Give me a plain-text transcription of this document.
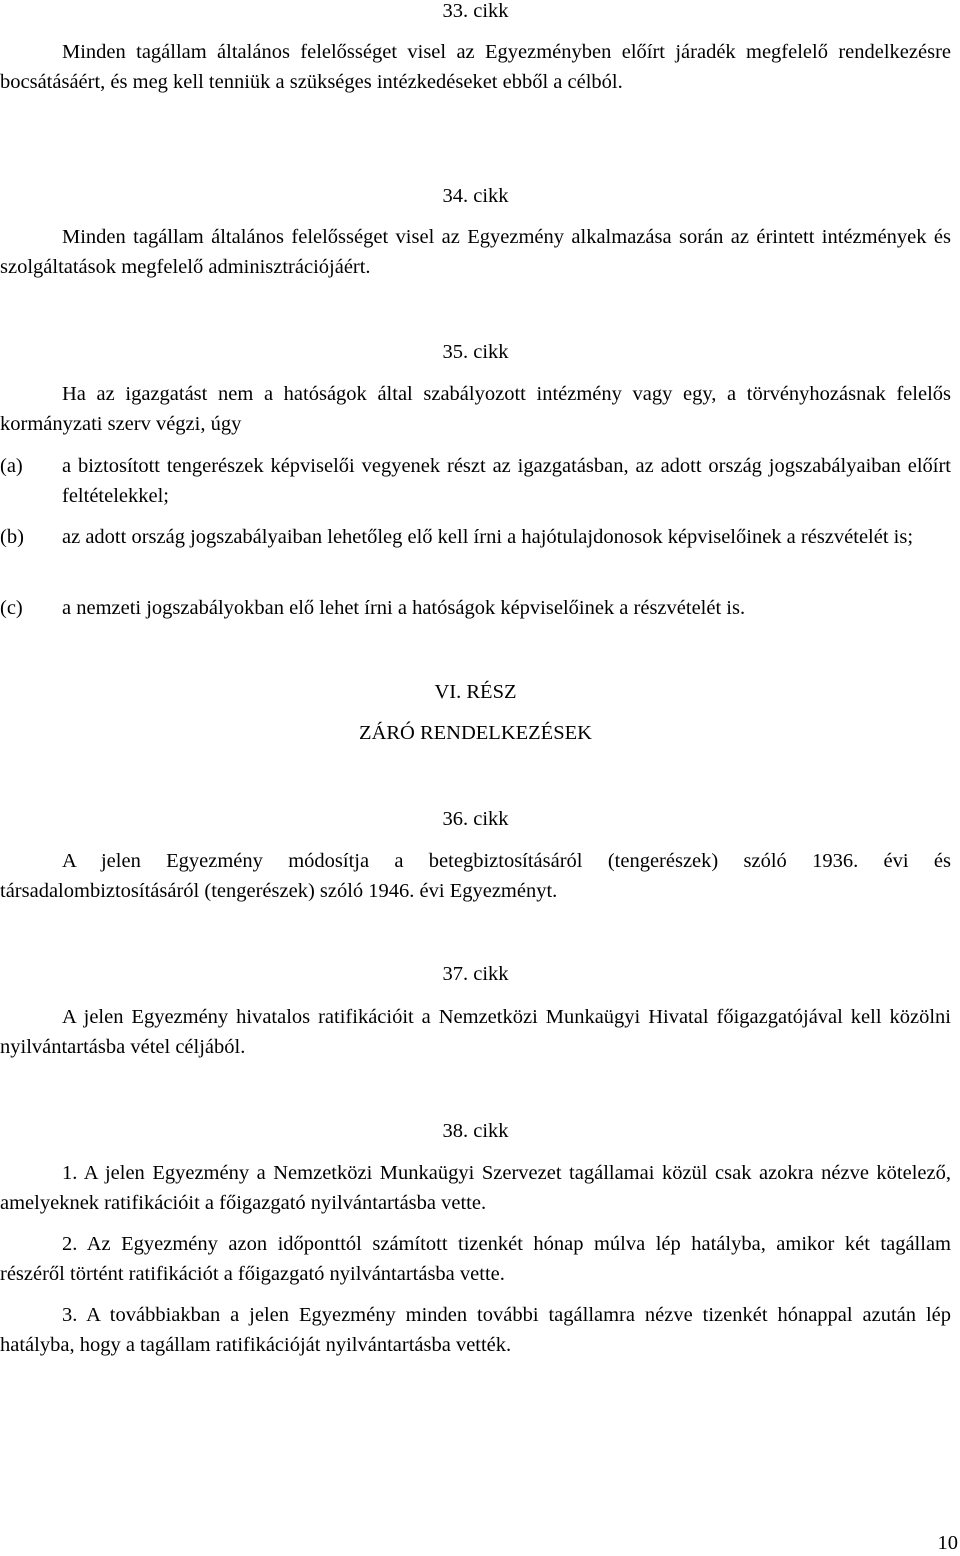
33. cikk

Minden tagállam általános felelősséget visel az Egyezményben előírt járadék megfelelő rendelkezésre bocsátásáért, és meg kell tenniük a szükséges intézkedéseket ebből a célból.

34. cikk

Minden tagállam általános felelősséget visel az Egyezmény alkalmazása során az érintett intézmények és szolgáltatások megfelelő adminisztrációjáért.

35. cikk

Ha az igazgatást nem a hatóságok által szabályozott intézmény vagy egy, a törvényhozásnak felelős kormányzati szerv végzi, úgy

(a) a biztosított tengerészek képviselői vegyenek részt az igazgatásban, az adott ország jogszabályaiban előírt feltételekkel;

(b) az adott ország jogszabályaiban lehetőleg elő kell írni a hajótulajdonosok képviselőinek a részvételét is;

(c) a nemzeti jogszabályokban elő lehet írni a hatóságok képviselőinek a részvételét is.

VI. RÉSZ
ZÁRÓ RENDELKEZÉSEK
36. cikk

A jelen Egyezmény módosítja a betegbiztosításáról (tengerészek) szóló 1936. évi és társadalombiztosításáról (tengerészek) szóló 1946. évi Egyezményt.

37. cikk

A jelen Egyezmény hivatalos ratifikációit a Nemzetközi Munkaügyi Hivatal főigazgatójával kell közölni nyilvántartásba vétel céljából.

38. cikk

1. A jelen Egyezmény a Nemzetközi Munkaügyi Szervezet tagállamai közül csak azokra nézve kötelező, amelyeknek ratifikációit a főigazgató nyilvántartásba vette.

2. Az Egyezmény azon időponttól számított tizenkét hónap múlva lép hatályba, amikor két tagállam részéről történt ratifikációt a főigazgató nyilvántartásba vette.

3. A továbbiakban a jelen Egyezmény minden további tagállamra nézve tizenkét hónappal azután lép hatályba, hogy a tagállam ratifikációját nyilvántartásba vették.

10
